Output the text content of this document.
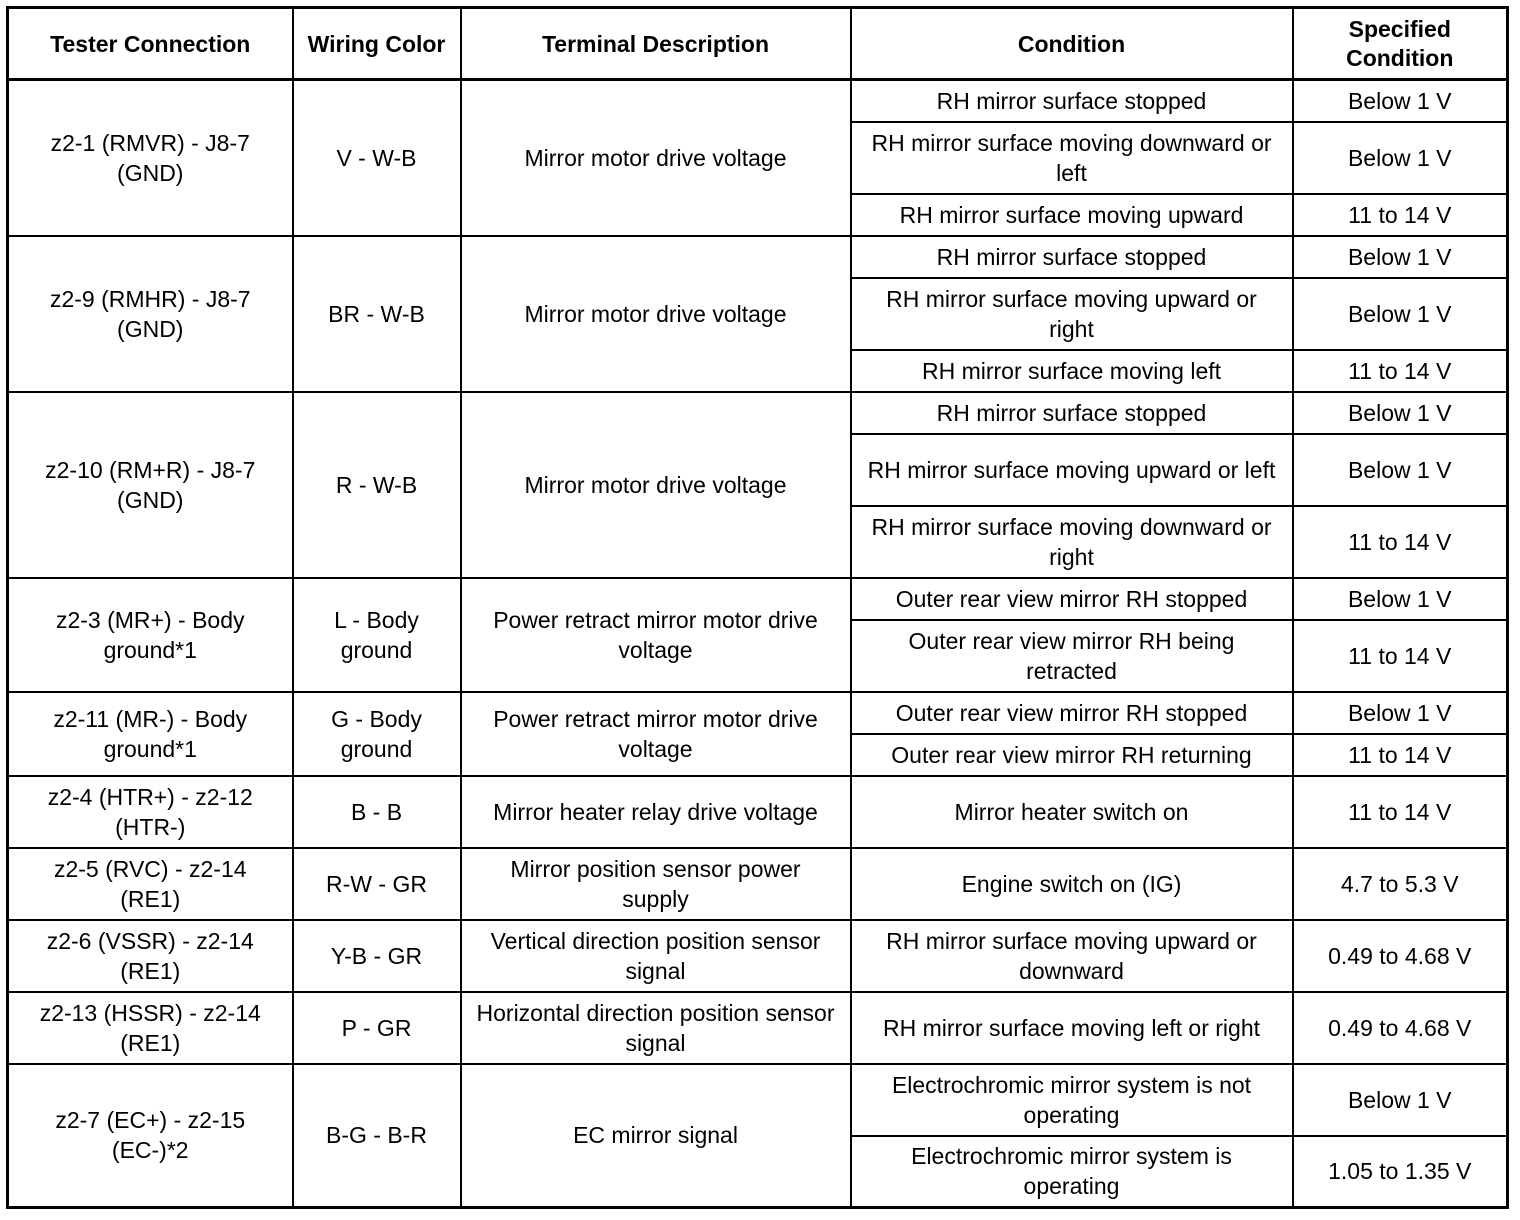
Tester Connection	Wiring Color	Terminal Description	Condition	Specified Condition
z2-1 (RMVR) - J8-7 (GND)	V - W-B	Mirror motor drive voltage	RH mirror surface stopped	Below 1 V
			RH mirror surface moving downward or left	Below 1 V
			RH mirror surface moving upward	11 to 14 V
z2-9 (RMHR) - J8-7 (GND)	BR - W-B	Mirror motor drive voltage	RH mirror surface stopped	Below 1 V
			RH mirror surface moving upward or right	Below 1 V
			RH mirror surface moving left	11 to 14 V
z2-10 (RM+R) - J8-7 (GND)	R - W-B	Mirror motor drive voltage	RH mirror surface stopped	Below 1 V
			RH mirror surface moving upward or left	Below 1 V
			RH mirror surface moving downward or right	11 to 14 V
z2-3 (MR+) - Body ground*1	L - Body ground	Power retract mirror motor drive voltage	Outer rear view mirror RH stopped	Below 1 V
			Outer rear view mirror RH being retracted	11 to 14 V
z2-11 (MR-) - Body ground*1	G - Body ground	Power retract mirror motor drive voltage	Outer rear view mirror RH stopped	Below 1 V
			Outer rear view mirror RH returning	11 to 14 V
z2-4 (HTR+) - z2-12 (HTR-)	B - B	Mirror heater relay drive voltage	Mirror heater switch on	11 to 14 V
z2-5 (RVC) - z2-14 (RE1)	R-W - GR	Mirror position sensor power supply	Engine switch on (IG)	4.7 to 5.3 V
z2-6 (VSSR) - z2-14 (RE1)	Y-B - GR	Vertical direction position sensor signal	RH mirror surface moving upward or downward	0.49 to 4.68 V
z2-13 (HSSR) - z2-14 (RE1)	P - GR	Horizontal direction position sensor signal	RH mirror surface moving left or right	0.49 to 4.68 V
z2-7 (EC+) - z2-15 (EC-)*2	B-G - B-R	EC mirror signal	Electrochromic mirror system is not operating	Below 1 V
			Electrochromic mirror system is operating	1.05 to 1.35 V
